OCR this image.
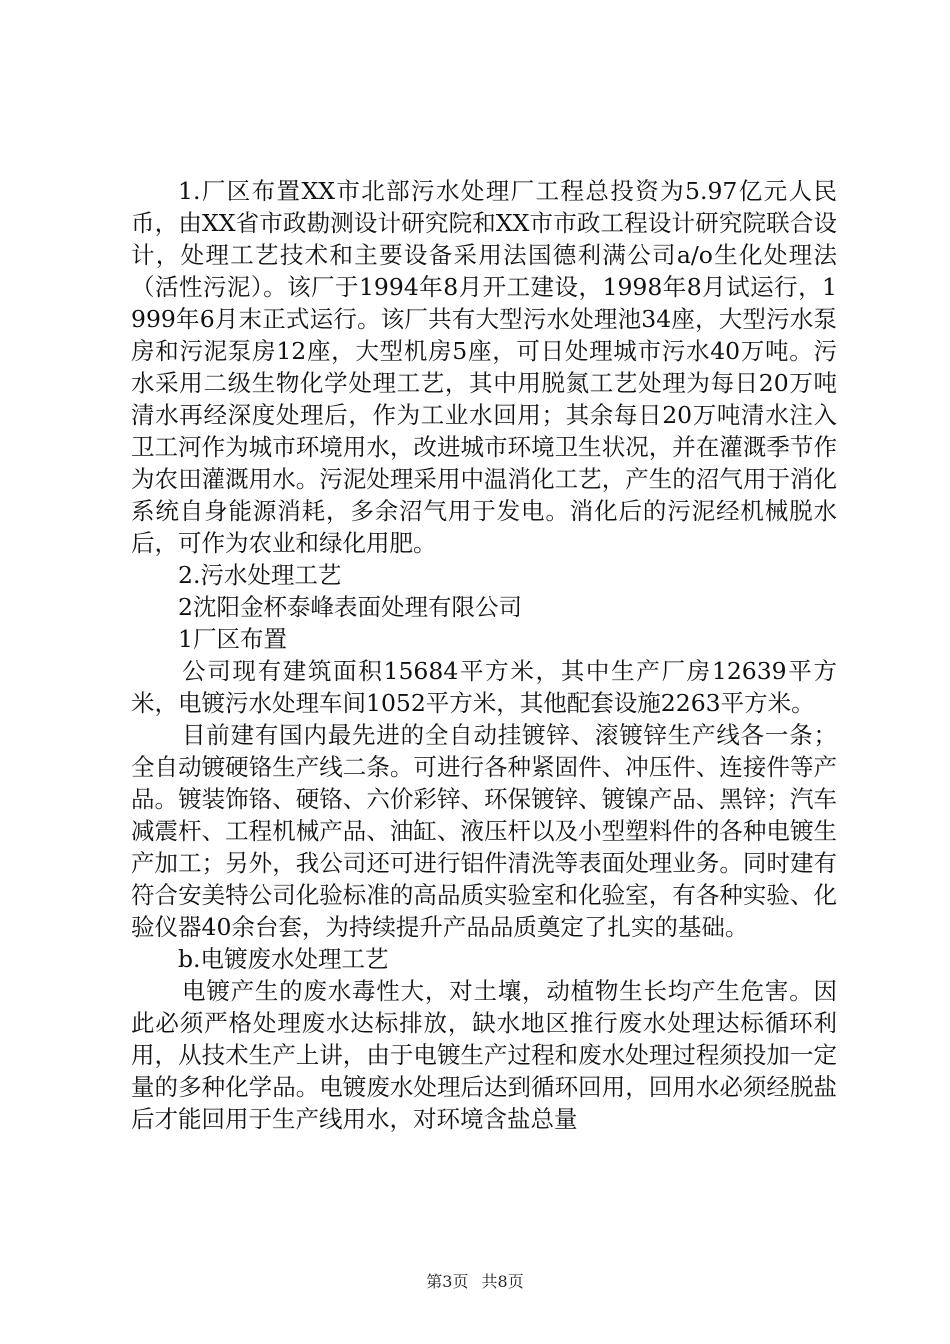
1.厂区布置XX市北部污水处理厂工程总投资为5.97亿元人民币，由XX省市政勘测设计研究院和XX市市政工程设计研究院联合设计，处理工艺技术和主要设备采用法国德利满公司a/o生化处理法（活性污泥）。该厂于1994年8月开工建设，1998年8月试运行，1999年6月末正式运行。该厂共有大型污水处理池34座，大型污水泵房和污泥泵房12座，大型机房5座，可日处理城市污水40万吨。污水采用二级生物化学处理工艺，其中用脱氮工艺处理为每日20万吨清水再经深度处理后，作为工业水回用；其余每日20万吨清水注入卫工河作为城市环境用水，改进城市环境卫生状况，并在灌溉季节作为农田灌溉用水。污泥处理采用中温消化工艺，产生的沼气用于消化系统自身能源消耗，多余沼气用于发电。消化后的污泥经机械脱水后，可作为农业和绿化用肥。

2.污水处理工艺

2沈阳金杯泰峰表面处理有限公司

1厂区布置

公司现有建筑面积15684平方米，其中生产厂房12639平方米，电镀污水处理车间1052平方米，其他配套设施2263平方米。

目前建有国内最先进的全自动挂镀锌、滚镀锌生产线各一条；全自动镀硬铬生产线二条。可进行各种紧固件、冲压件、连接件等产品。镀装饰铬、硬铬、六价彩锌、环保镀锌、镀镍产品、黑锌；汽车减震杆、工程机械产品、油缸、液压杆以及小型塑料件的各种电镀生产加工；另外，我公司还可进行铝件清洗等表面处理业务。同时建有符合安美特公司化验标准的高品质实验室和化验室，有各种实验、化验仪器40余台套，为持续提升产品品质奠定了扎实的基础。

b.电镀废水处理工艺

电镀产生的废水毒性大，对土壤，动植物生长均产生危害。因此必须严格处理废水达标排放，缺水地区推行废水处理达标循环利用，从技术生产上讲，由于电镀生产过程和废水处理过程须投加一定量的多种化学品。电镀废水处理后达到循环回用，回用水必须经脱盐后才能回用于生产线用水，对环境含盐总量

第3页 共8页
